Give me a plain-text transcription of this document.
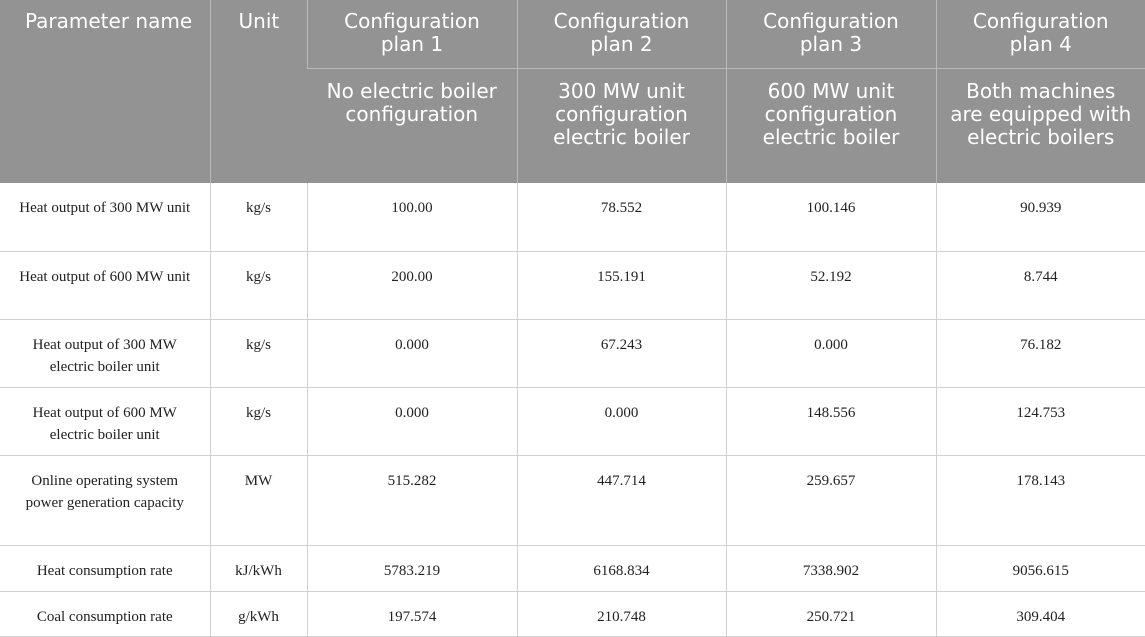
Parameter name	Unit	Configuration plan 1	Configuration plan 2	Configuration plan 3	Configuration plan 4
		No electric boiler configuration	300 MW unit configuration electric boiler	600 MW unit configuration electric boiler	Both machines are equipped with electric boilers
Heat output of 300 MW unit	kg/s	100.00	78.552	100.146	90.939
Heat output of 600 MW unit	kg/s	200.00	155.191	52.192	8.744
Heat output of 300 MW electric boiler unit	kg/s	0.000	67.243	0.000	76.182
Heat output of 600 MW electric boiler unit	kg/s	0.000	0.000	148.556	124.753
Online operating system power generation capacity	MW	515.282	447.714	259.657	178.143
Heat consumption rate	kJ/kWh	5783.219	6168.834	7338.902	9056.615
Coal consumption rate	g/kWh	197.574	210.748	250.721	309.404
